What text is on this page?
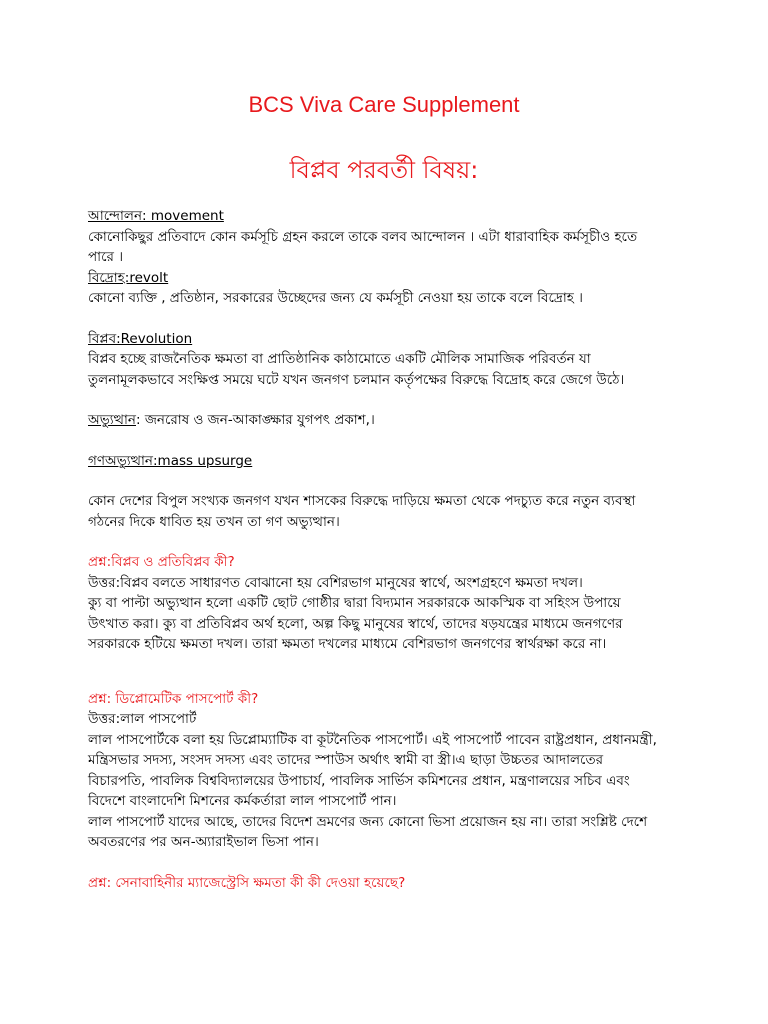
BCS Viva Care Supplement
বিপ্লব পরবর্তী বিষয়:

আন্দোলন: movement

কোনোকিছুর প্রতিবাদে কোন কর্মসূচি গ্রহন করলে তাকে বলব আন্দোলন । এটা ধারাবাহিক কর্মসূচীও হতে

পারে ।

বিদ্রোহ:revolt

কোনো ব্যক্তি , প্রতিষ্ঠান, সরকারের উচ্ছেদের জন্য যে কর্মসূচী নেওয়া হয় তাকে বলে বিদ্রোহ ।

বিপ্লব:Revolution

বিপ্লব হচ্ছে রাজনৈতিক ক্ষমতা বা প্রাতিষ্ঠানিক কাঠামোতে একটি মৌলিক সামাজিক পরিবর্তন যা

তুলনামূলকভাবে সংক্ষিপ্ত সময়ে ঘটে যখন জনগণ চলমান কর্তৃপক্ষের বিরুদ্ধে বিদ্রোহ করে জেগে উঠে।

অভ্যুত্থান: জনরোষ ও জন-আকাঙ্ক্ষার যুগপৎ প্রকাশ,।

গণঅভ্যুত্থান:mass upsurge

কোন দেশের বিপুল সংখ্যক জনগণ যখন শাসকের বিরুদ্ধে দাড়িয়ে ক্ষমতা থেকে পদচ্যুত করে নতুন ব্যবস্থা

গঠনের দিকে ধাবিত হয় তখন তা গণ অভ্যুত্থান।

প্রশ্ন:বিপ্লব ও প্রতিবিপ্লব কী?

উত্তর:বিপ্লব বলতে সাধারণত বোঝানো হয় বেশিরভাগ মানুষের স্বার্থে, অংশগ্রহণে ক্ষমতা দখল।

ক্যু বা পাল্টা অভ্যুত্থান হলো একটি ছোট গোষ্ঠীর দ্বারা বিদ্যমান সরকারকে আকস্মিক বা সহিংস উপায়ে

উৎখাত করা। ক্যু বা প্রতিবিপ্লব অর্থ হলো, অল্প কিছু মানুষের স্বার্থে, তাদের ষড়যন্ত্রের মাধ্যমে জনগণের

সরকারকে হটিয়ে ক্ষমতা দখল। তারা ক্ষমতা দখলের মাধ্যমে বেশিরভাগ জনগণের স্বার্থরক্ষা করে না।

প্রশ্ন: ডিপ্লোমেটিক পাসপোর্ট কী?

উত্তর:লাল পাসপোর্ট

লাল পাসপোর্টকে বলা হয় ডিপ্লোম্যাটিক বা কূটনৈতিক পাসপোর্ট। এই পাসপোর্ট পাবেন রাষ্ট্রপ্রধান, প্রধানমন্ত্রী,

মন্ত্রিসভার সদস্য, সংসদ সদস্য এবং তাদের স্পাউস অর্থাৎ স্বামী বা স্ত্রী।এ ছাড়া উচ্চতর আদালতের

বিচারপতি, পাবলিক বিশ্ববিদ্যালয়ের উপাচার্য, পাবলিক সার্ভিস কমিশনের প্রধান, মন্ত্রণালয়ের সচিব এবং

বিদেশে বাংলাদেশি মিশনের কর্মকর্তারা লাল পাসপোর্ট পান।

লাল পাসপোর্ট যাদের আছে, তাদের বিদেশ ভ্রমণের জন্য কোনো ভিসা প্রয়োজন হয় না। তারা সংশ্লিষ্ট দেশে

অবতরণের পর অন-অ্যারাইভাল ভিসা পান।

প্রশ্ন: সেনাবাহিনীর ম্যাজেস্ট্রেসি ক্ষমতা কী কী দেওয়া হয়েছে?
